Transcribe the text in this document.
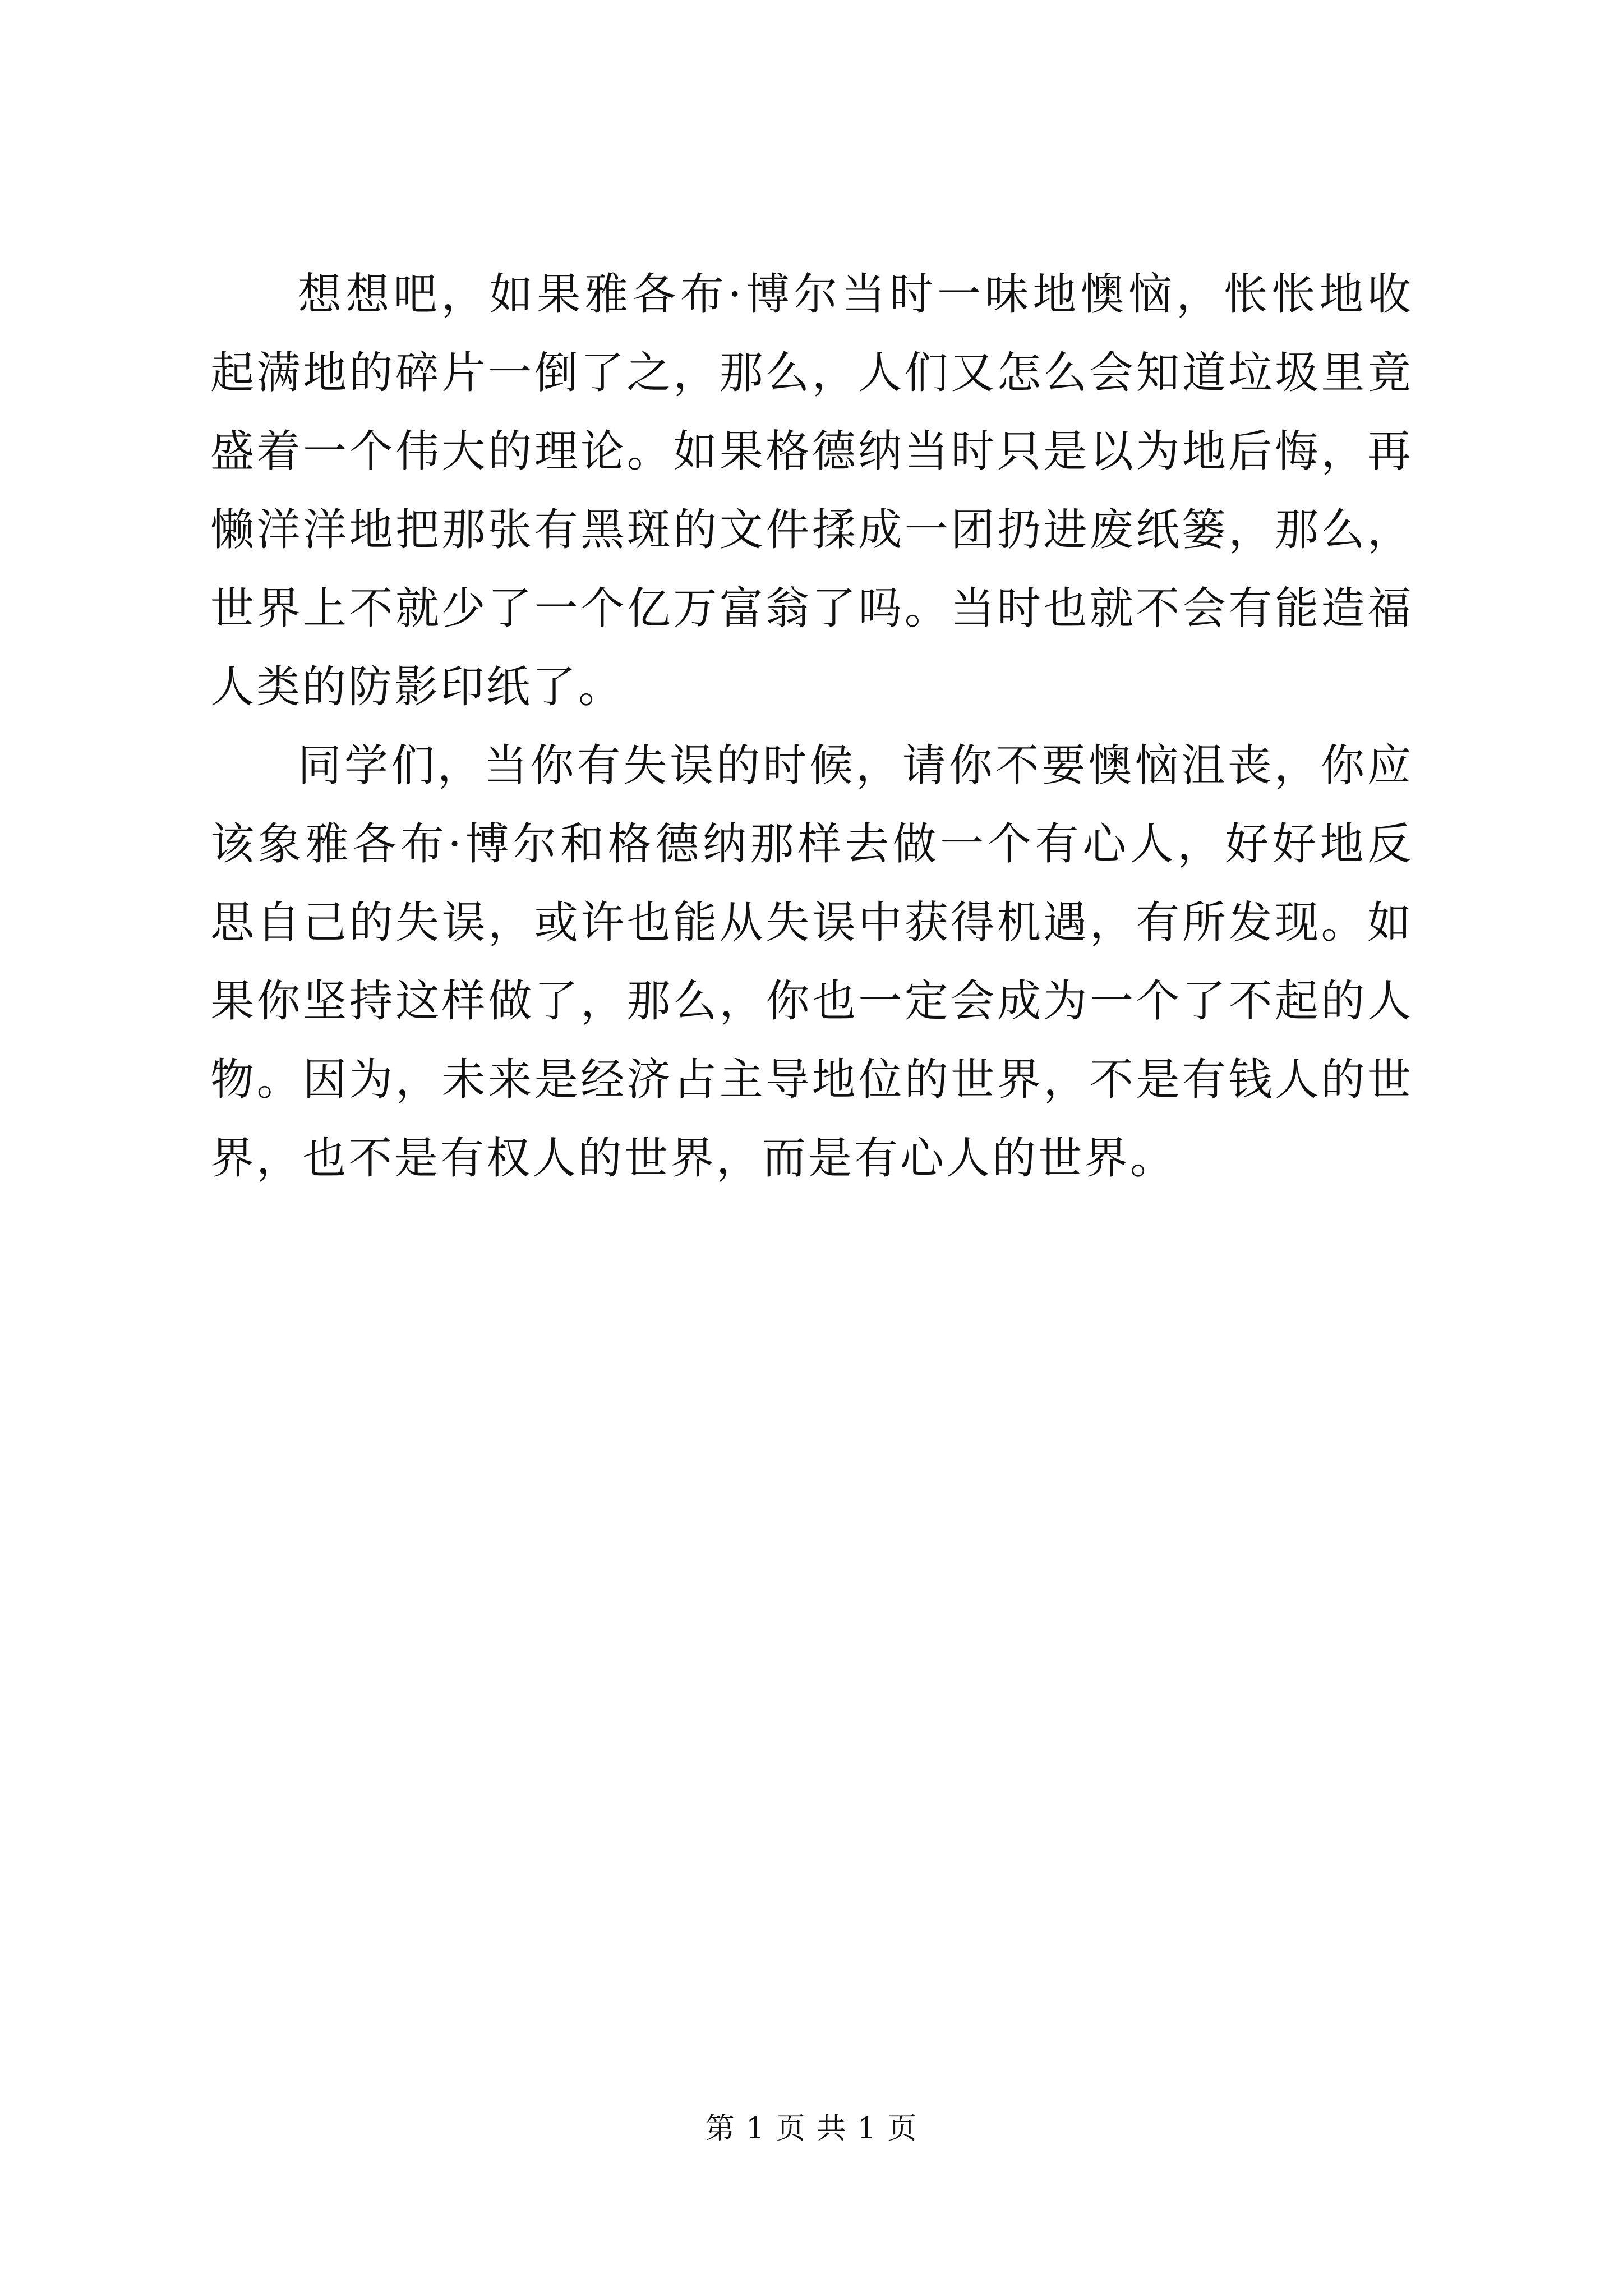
想想吧，如果雅各布·博尔当时一味地懊恼，怅怅地收起满地的碎片一倒了之，那么，人们又怎么会知道垃圾里竟盛着一个伟大的理论。如果格德纳当时只是以为地后悔，再懒洋洋地把那张有黑斑的文件揉成一团扔进废纸篓，那么，世界上不就少了一个亿万富翁了吗。当时也就不会有能造福人类的防影印纸了。

同学们，当你有失误的时候，请你不要懊恼沮丧，你应该象雅各布·博尔和格德纳那样去做一个有心人，好好地反思自己的失误，或许也能从失误中获得机遇，有所发现。如果你坚持这样做了，那么，你也一定会成为一个了不起的人物。因为，未来是经济占主导地位的世界，不是有钱人的世界，也不是有权人的世界，而是有心人的世界。

第 1 页 共 1 页
